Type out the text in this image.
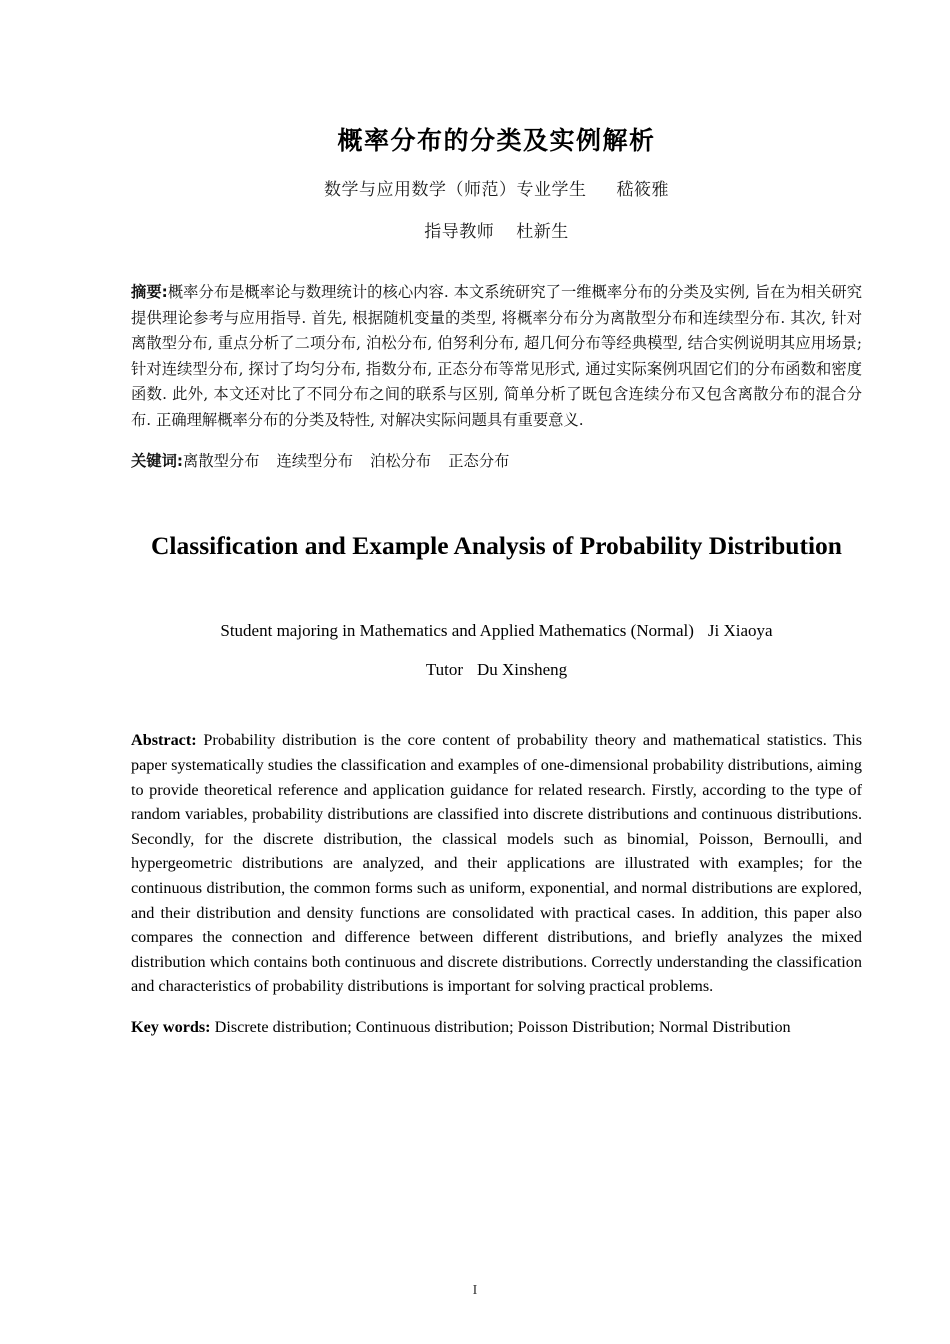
概率分布的分类及实例解析
数学与应用数学（师范）专业学生 嵇筱雅
指导教师 杜新生

摘要:概率分布是概率论与数理统计的核心内容. 本文系统研究了一维概率分布的分类及实例, 旨在为相关研究提供理论参考与应用指导. 首先, 根据随机变量的类型, 将概率分布分为离散型分布和连续型分布. 其次, 针对离散型分布, 重点分析了二项分布, 泊松分布, 伯努利分布, 超几何分布等经典模型, 结合实例说明其应用场景; 针对连续型分布, 探讨了均匀分布, 指数分布, 正态分布等常见形式, 通过实际案例巩固它们的分布函数和密度函数. 此外, 本文还对比了不同分布之间的联系与区别, 简单分析了既包含连续分布又包含离散分布的混合分布. 正确理解概率分布的分类及特性, 对解决实际问题具有重要意义.

关键词:离散型分布 连续型分布 泊松分布 正态分布

Classification and Example Analysis of Probability Distribution
Student majoring in Mathematics and Applied Mathematics (Normal) Ji Xiaoya
Tutor Du Xinsheng

Abstract: Probability distribution is the core content of probability theory and mathematical statistics. This paper systematically studies the classification and examples of one-dimensional probability distributions, aiming to provide theoretical reference and application guidance for related research. Firstly, according to the type of random variables, probability distributions are classified into discrete distributions and continuous distributions. Secondly, for the discrete distribution, the classical models such as binomial, Poisson, Bernoulli, and hypergeometric distributions are analyzed, and their applications are illustrated with examples; for the continuous distribution, the common forms such as uniform, exponential, and normal distributions are explored, and their distribution and density functions are consolidated with practical cases. In addition, this paper also compares the connection and difference between different distributions, and briefly analyzes the mixed distribution which contains both continuous and discrete distributions. Correctly understanding the classification and characteristics of probability distributions is important for solving practical problems.

Key words: Discrete distribution; Continuous distribution; Poisson Distribution; Normal Distribution

I
